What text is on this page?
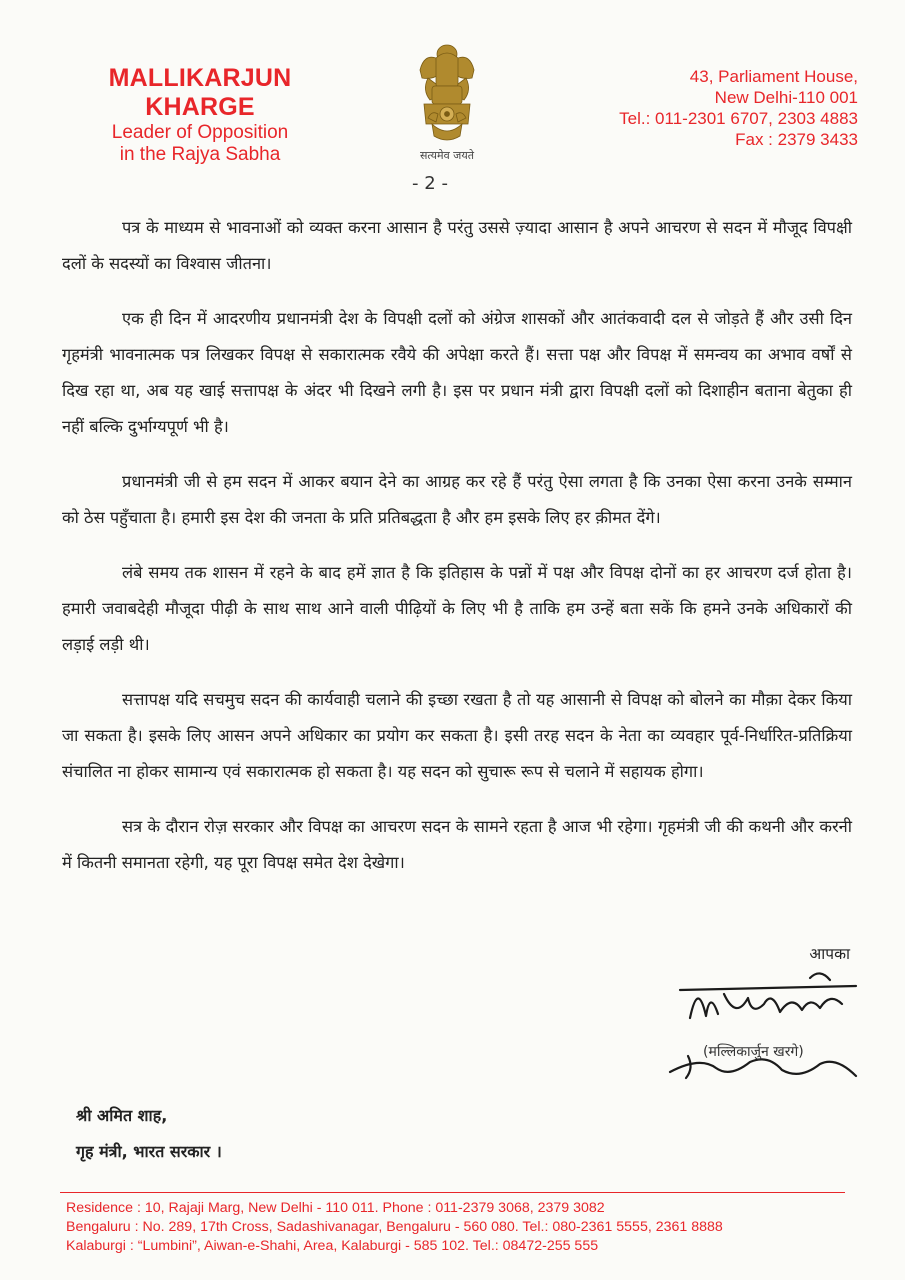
MALLIKARJUN KHARGE
Leader of Opposition
in the Rajya Sabha	सत्यमेव जयते
43, Parliament House,
New Delhi-110 001
Tel.: 011-2301 6707, 2303 4883
Fax : 2379 3433
- 2 -

पत्र के माध्यम से भावनाओं को व्यक्त करना आसान है परंतु उससे ज़्यादा आसान है अपने आचरण से सदन में मौजूद विपक्षी दलों के सदस्यों का विश्वास जीतना।

एक ही दिन में आदरणीय प्रधानमंत्री देश के विपक्षी दलों को अंग्रेज शासकों और आतंकवादी दल से जोड़ते हैं और उसी दिन गृहमंत्री भावनात्मक पत्र लिखकर विपक्ष से सकारात्मक रवैये की अपेक्षा करते हैं। सत्ता पक्ष और विपक्ष में समन्वय का अभाव वर्षों से दिख रहा था, अब यह खाई सत्तापक्ष के अंदर भी दिखने लगी है। इस पर प्रधान मंत्री द्वारा विपक्षी दलों को दिशाहीन बताना बेतुका ही नहीं बल्कि दुर्भाग्यपूर्ण भी है।

प्रधानमंत्री जी से हम सदन में आकर बयान देने का आग्रह कर रहे हैं परंतु ऐसा लगता है कि उनका ऐसा करना उनके सम्मान को ठेस पहुँचाता है। हमारी इस देश की जनता के प्रति प्रतिबद्धता है और हम इसके लिए हर क़ीमत देंगे।

लंबे समय तक शासन में रहने के बाद हमें ज्ञात है कि इतिहास के पन्नों में पक्ष और विपक्ष दोनों का हर आचरण दर्ज होता है। हमारी जवाबदेही मौजूदा पीढ़ी के साथ साथ आने वाली पीढ़ियों के लिए भी है ताकि हम उन्हें बता सकें कि हमने उनके अधिकारों की लड़ाई लड़ी थी।

सत्तापक्ष यदि सचमुच सदन की कार्यवाही चलाने की इच्छा रखता है तो यह आसानी से विपक्ष को बोलने का मौक़ा देकर किया जा सकता है। इसके लिए आसन अपने अधिकार का प्रयोग कर सकता है। इसी तरह सदन के नेता का व्यवहार पूर्व-निर्धारित-प्रतिक्रिया संचालित ना होकर सामान्य एवं सकारात्मक हो सकता है। यह सदन को सुचारू रूप से चलाने में सहायक होगा।

सत्र के दौरान रोज़ सरकार और विपक्ष का आचरण सदन के सामने रहता है आज भी रहेगा। गृहमंत्री जी की कथनी और करनी में कितनी समानता रहेगी, यह पूरा विपक्ष समेत देश देखेगा।

आपका
(मल्लिकार्जुन खरगे)
श्री अमित शाह,
गृह मंत्री, भारत सरकार ।
Residence : 10, Rajaji Marg, New Delhi - 110 011. Phone : 011-2379 3068, 2379 3082
Bengaluru : No. 289, 17th Cross, Sadashivanagar, Bengaluru - 560 080. Tel.: 080-2361 5555, 2361 8888
Kalaburgi : “Lumbini”, Aiwan-e-Shahi, Area, Kalaburgi - 585 102. Tel.: 08472-255 555
